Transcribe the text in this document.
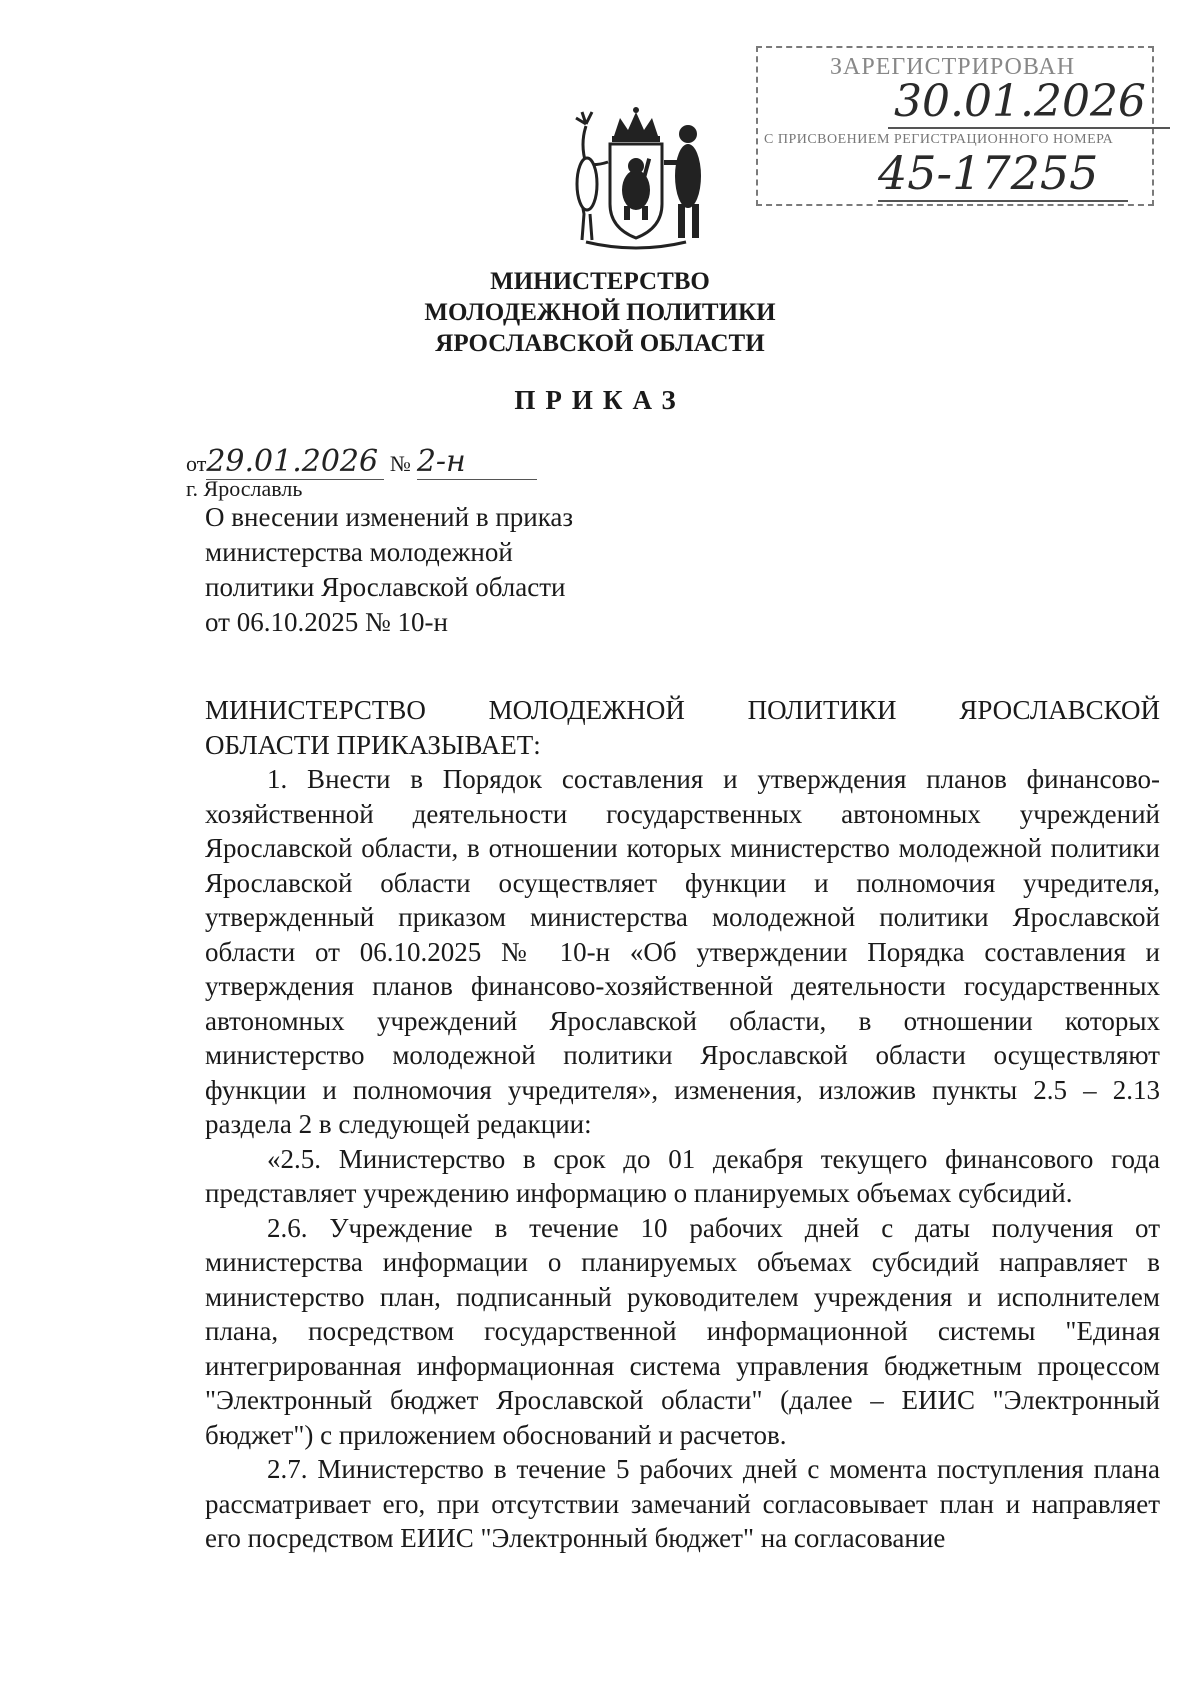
ЗАРЕГИСТРИРОВАН
30.01.2026
С ПРИСВОЕНИЕМ РЕГИСТРАЦИОННОГО НОМЕРА
45-17255
МИНИСТЕРСТВО
МОЛОДЕЖНОЙ ПОЛИТИКИ
ЯРОСЛАВСКОЙ ОБЛАСТИ
ПРИКАЗ
от29.01.2026 № 2-н
г. Ярославль
О внесении изменений в приказ
министерства молодежной
политики Ярославской области
от 06.10.2025 № 10-н

МИНИСТЕРСТВО МОЛОДЕЖНОЙ ПОЛИТИКИ ЯРОСЛАВСКОЙ

ОБЛАСТИ ПРИКАЗЫВАЕТ:

1. Внести в Порядок составления и утверждения планов финансово-хозяйственной деятельности государственных автономных учреждений Ярославской области, в отношении которых министерство молодежной политики Ярославской области осуществляет функции и полномочия учредителя, утвержденный приказом министерства молодежной политики Ярославской области от 06.10.2025 № 10-н «Об утверждении Порядка составления и утверждения планов финансово-хозяйственной деятельности государственных автономных учреждений Ярославской области, в отношении которых министерство молодежной политики Ярославской области осуществляют функции и полномочия учредителя», изменения, изложив пункты 2.5 – 2.13 раздела 2 в следующей редакции:

«2.5. Министерство в срок до 01 декабря текущего финансового года представляет учреждению информацию о планируемых объемах субсидий.

2.6. Учреждение в течение 10 рабочих дней с даты получения от министерства информации о планируемых объемах субсидий направляет в министерство план, подписанный руководителем учреждения и исполнителем плана, посредством государственной информационной системы "Единая интегрированная информационная система управления бюджетным процессом "Электронный бюджет Ярославской области" (далее – ЕИИС "Электронный бюджет") с приложением обоснований и расчетов.

2.7. Министерство в течение 5 рабочих дней с момента поступления плана рассматривает его, при отсутствии замечаний согласовывает план и направляет его посредством ЕИИС "Электронный бюджет" на согласование
